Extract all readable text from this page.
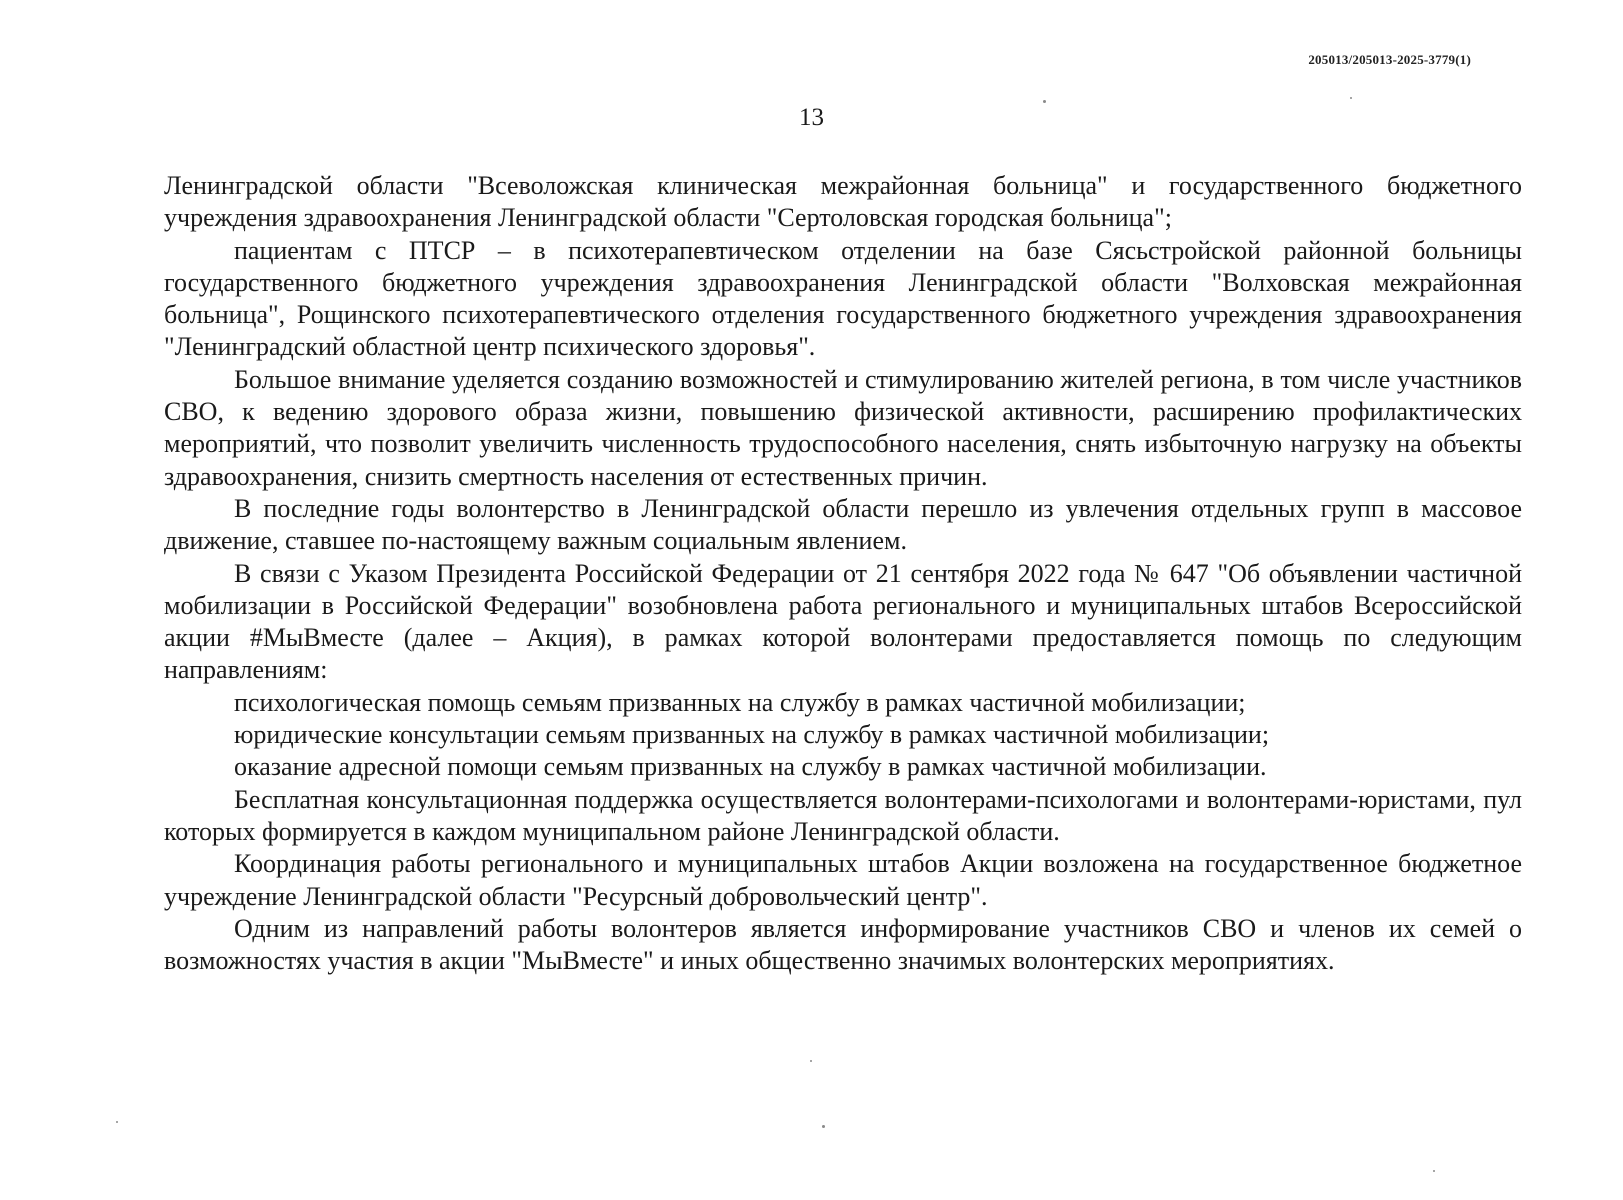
205013/205013-2025-3779(1)
13

Ленинградской области "Всеволожская клиническая межрайонная больница" и государственного бюджетного учреждения здравоохранения Ленинградской области "Сертоловская городская больница";

пациентам с ПТСР – в психотерапевтическом отделении на базе Сясьстройской районной больницы государственного бюджетного учреждения здравоохранения Ленинградской области "Волховская межрайонная больница", Рощинского психотерапевтического отделения государственного бюджетного учреждения здравоохранения "Ленинградский областной центр психического здоровья".

Большое внимание уделяется созданию возможностей и стимулированию жителей региона, в том числе участников СВО, к ведению здорового образа жизни, повышению физической активности, расширению профилактических мероприятий, что позволит увеличить численность трудоспособного населения, снять избыточную нагрузку на объекты здравоохранения, снизить смертность населения от естественных причин.

В последние годы волонтерство в Ленинградской области перешло из увлечения отдельных групп в массовое движение, ставшее по-настоящему важным социальным явлением.

В связи с Указом Президента Российской Федерации от 21 сентября 2022 года № 647 "Об объявлении частичной мобилизации в Российской Федерации" возобновлена работа регионального и муниципальных штабов Всероссийской акции #МыВместе (далее – Акция), в рамках которой волонтерами предоставляется помощь по следующим направлениям:

психологическая помощь семьям призванных на службу в рамках частичной мобилизации;

юридические консультации семьям призванных на службу в рамках частичной мобилизации;

оказание адресной помощи семьям призванных на службу в рамках частичной мобилизации.

Бесплатная консультационная поддержка осуществляется волонтерами-психологами и волонтерами-юристами, пул которых формируется в каждом муниципальном районе Ленинградской области.

Координация работы регионального и муниципальных штабов Акции возложена на государственное бюджетное учреждение Ленинградской области "Ресурсный добровольческий центр".

Одним из направлений работы волонтеров является информирование участников СВО и членов их семей о возможностях участия в акции "МыВместе" и иных общественно значимых волонтерских мероприятиях.
